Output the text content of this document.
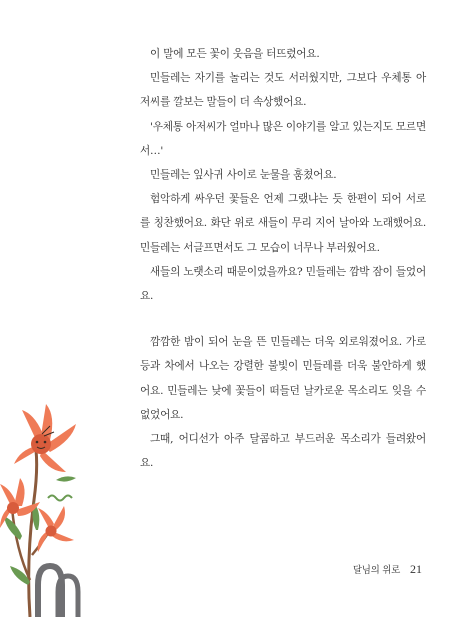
이 말에 모든 꽃이 웃음을 터뜨렸어요.

민들레는 자기를 놀리는 것도 서러웠지만, 그보다 우체통 아저씨를 깔보는 말들이 더 속상했어요.

'우체통 아저씨가 얼마나 많은 이야기를 알고 있는지도 모르면서…'

민들레는 잎사귀 사이로 눈물을 훔쳤어요.

험악하게 싸우던 꽃들은 언제 그랬냐는 듯 한편이 되어 서로를 칭찬했어요. 화단 위로 새들이 무리 지어 날아와 노래했어요. 민들레는 서글프면서도 그 모습이 너무나 부러웠어요.

새들의 노랫소리 때문이었을까요? 민들레는 깜박 잠이 들었어요.

깜깜한 밤이 되어 눈을 뜬 민들레는 더욱 외로워졌어요. 가로등과 차에서 나오는 강렬한 불빛이 민들레를 더욱 불안하게 했어요. 민들레는 낮에 꽃들이 떠들던 날카로운 목소리도 잊을 수 없었어요.

그때, 어디선가 아주 달콤하고 부드러운 목소리가 들려왔어요.

달님의 위로 21
